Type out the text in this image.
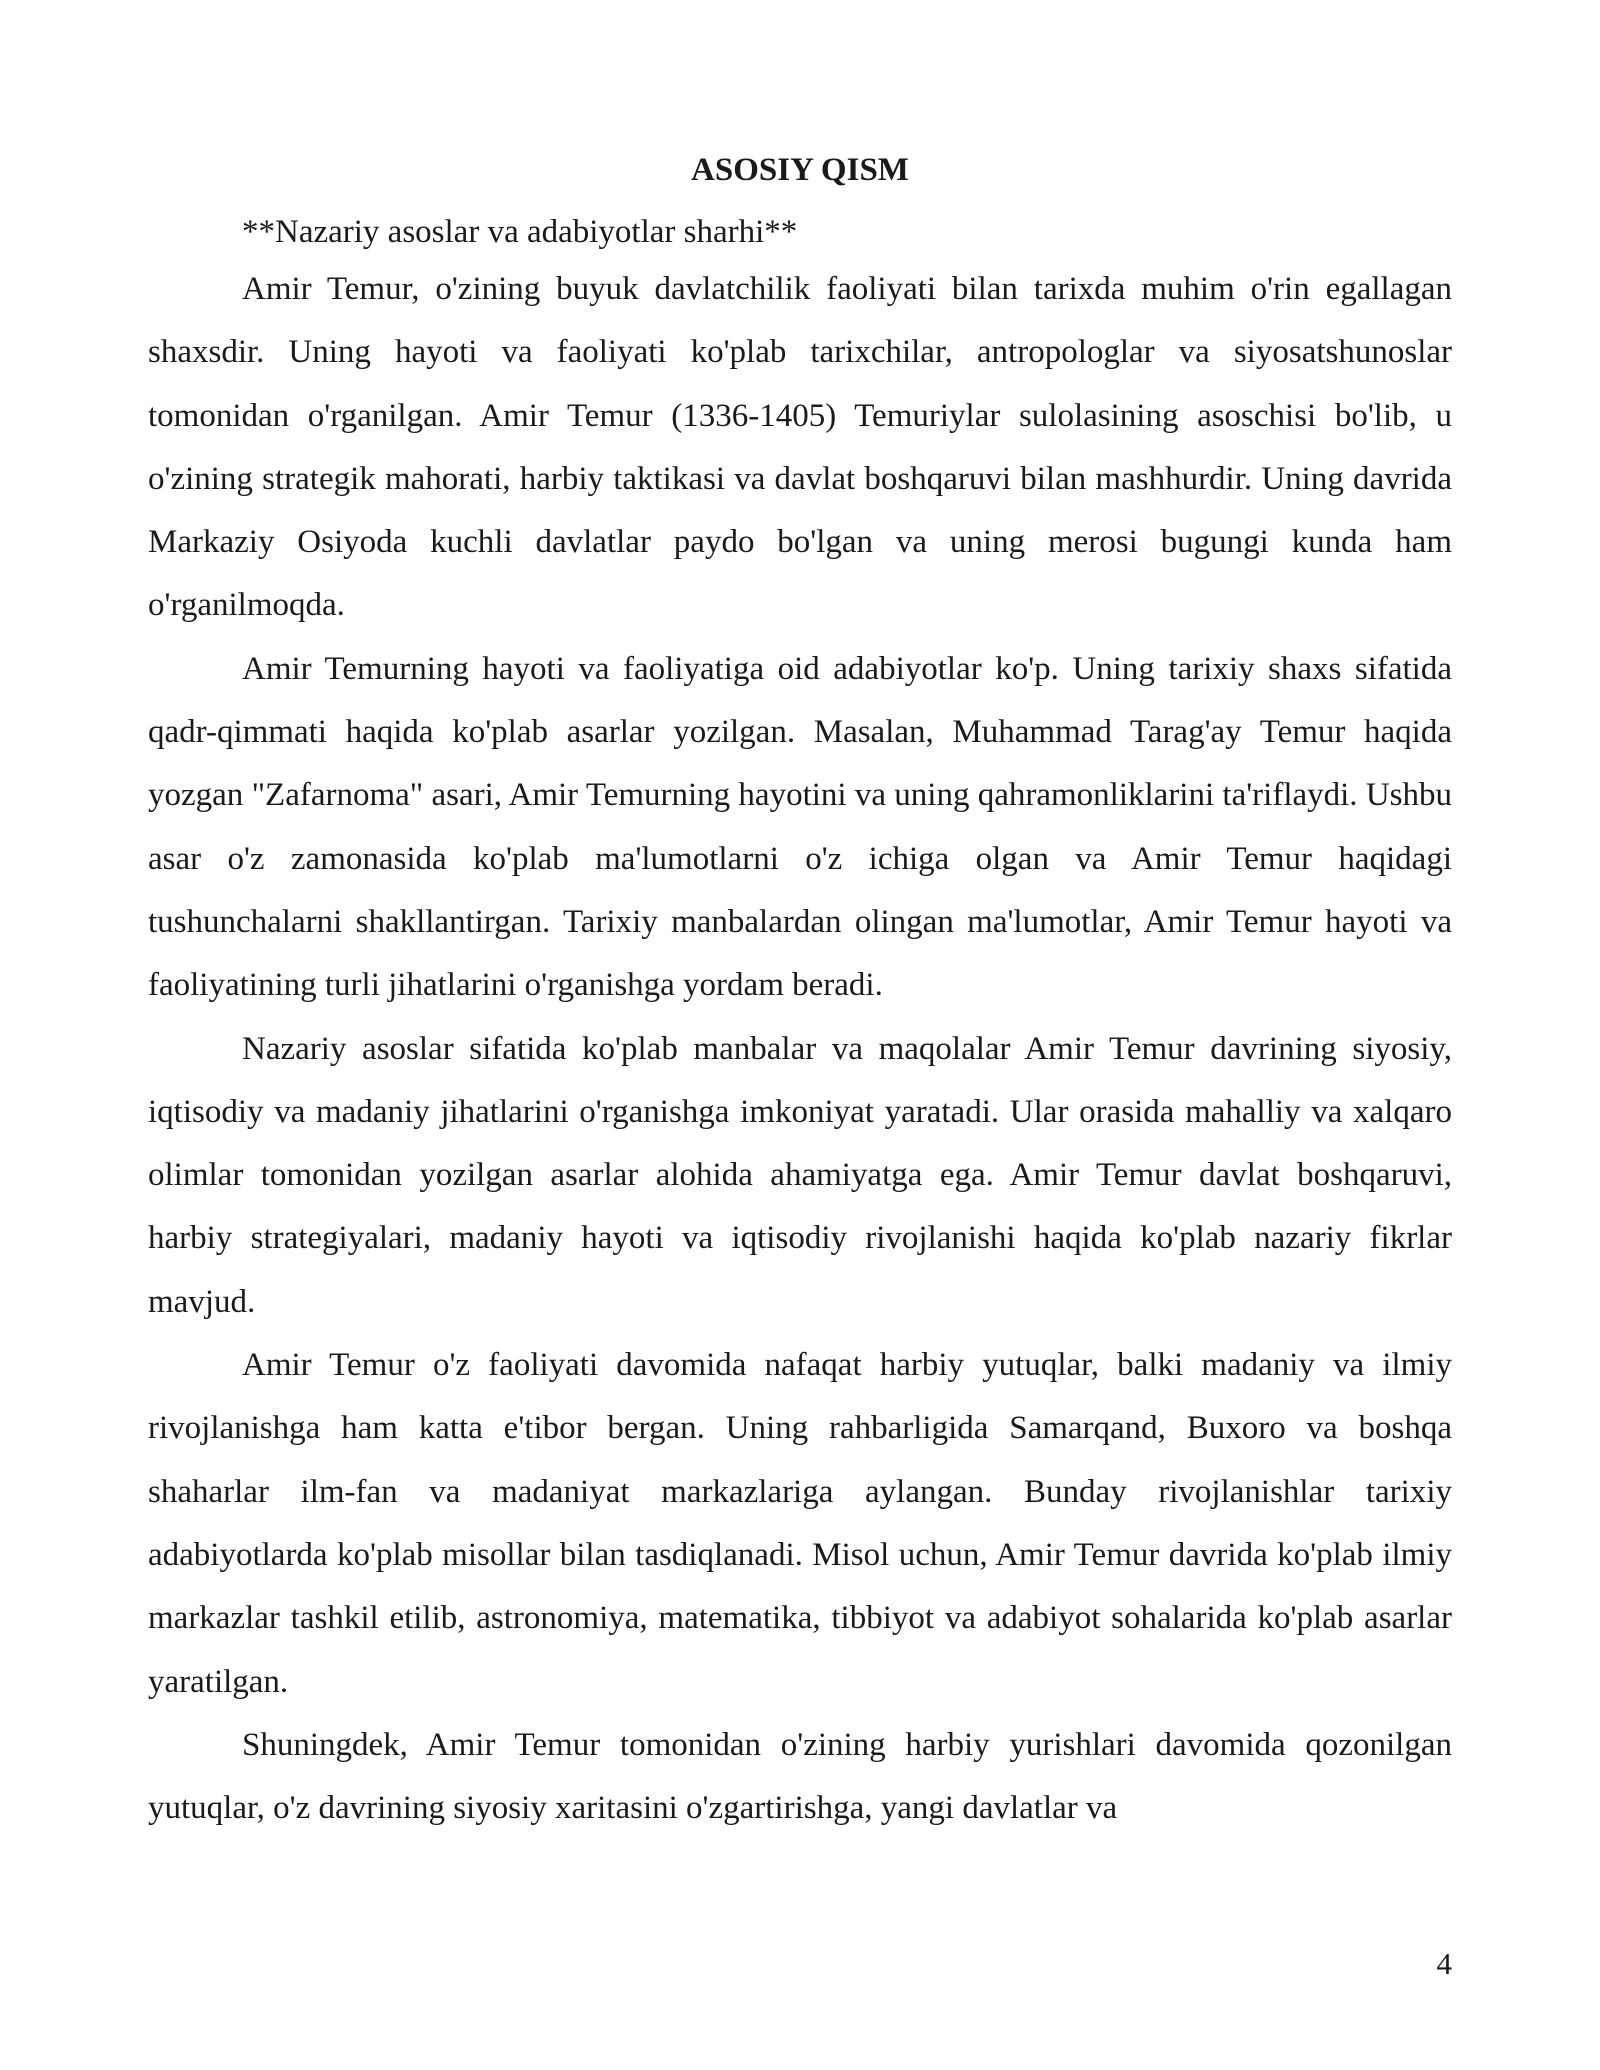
ASOSIY QISM

**Nazariy asoslar va adabiyotlar sharhi**

Amir Temur, o'zining buyuk davlatchilik faoliyati bilan tarixda muhim o'rin egallagan shaxsdir. Uning hayoti va faoliyati ko'plab tarixchilar, antropologlar va siyosatshunoslar tomonidan o'rganilgan. Amir Temur (1336-1405) Temuriylar sulolasining asoschisi bo'lib, u o'zining strategik mahorati, harbiy taktikasi va davlat boshqaruvi bilan mashhurdir. Uning davrida Markaziy Osiyoda kuchli davlatlar paydo bo'lgan va uning merosi bugungi kunda ham o'rganilmoqda.

Amir Temurning hayoti va faoliyatiga oid adabiyotlar ko'p. Uning tarixiy shaxs sifatida qadr-qimmati haqida ko'plab asarlar yozilgan. Masalan, Muhammad Tarag'ay Temur haqida yozgan "Zafarnoma" asari, Amir Temurning hayotini va uning qahramonliklarini ta'riflaydi. Ushbu asar o'z zamonasida ko'plab ma'lumotlarni o'z ichiga olgan va Amir Temur haqidagi tushunchalarni shakllantirgan. Tarixiy manbalardan olingan ma'lumotlar, Amir Temur hayoti va faoliyatining turli jihatlarini o'rganishga yordam beradi.

Nazariy asoslar sifatida ko'plab manbalar va maqolalar Amir Temur davrining siyosiy, iqtisodiy va madaniy jihatlarini o'rganishga imkoniyat yaratadi. Ular orasida mahalliy va xalqaro olimlar tomonidan yozilgan asarlar alohida ahamiyatga ega. Amir Temur davlat boshqaruvi, harbiy strategiyalari, madaniy hayoti va iqtisodiy rivojlanishi haqida ko'plab nazariy fikrlar mavjud.

Amir Temur o'z faoliyati davomida nafaqat harbiy yutuqlar, balki madaniy va ilmiy rivojlanishga ham katta e'tibor bergan. Uning rahbarligida Samarqand, Buxoro va boshqa shaharlar ilm-fan va madaniyat markazlariga aylangan. Bunday rivojlanishlar tarixiy adabiyotlarda ko'plab misollar bilan tasdiqlanadi. Misol uchun, Amir Temur davrida ko'plab ilmiy markazlar tashkil etilib, astronomiya, matematika, tibbiyot va adabiyot sohalarida ko'plab asarlar yaratilgan.

Shuningdek, Amir Temur tomonidan o'zining harbiy yurishlari davomida qozonilgan yutuqlar, o'z davrining siyosiy xaritasini o'zgartirishga, yangi davlatlar va

4
